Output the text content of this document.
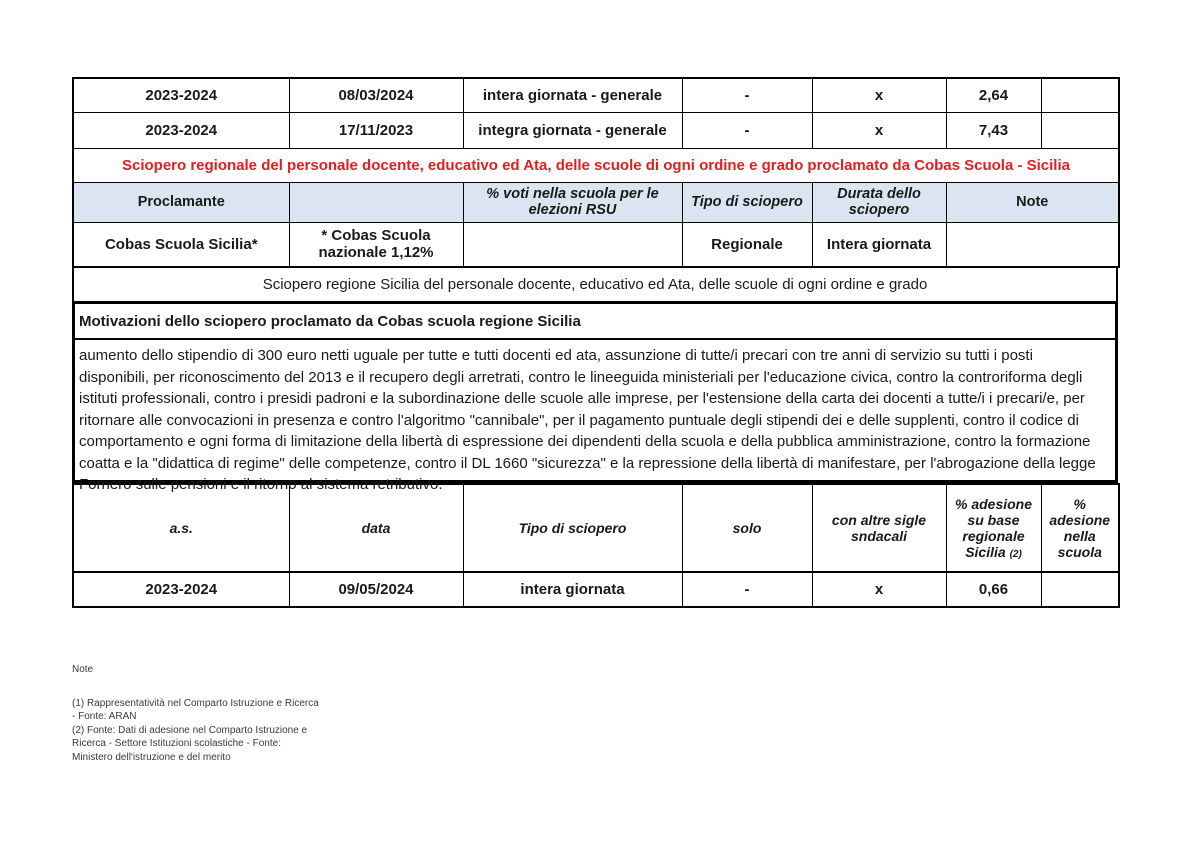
2023-2024	08/03/2024	intera giornata - generale	-	x	2,64	
2023-2024	17/11/2023	integra giornata - generale	-	x	7,43	
Sciopero regionale del personale docente, educativo ed Ata, delle scuole di ogni ordine e grado proclamato da Cobas Scuola - Sicilia						
Proclamante		% voti nella scuola per le elezioni RSU	Tipo di sciopero	Durata dello sciopero	Note	
Cobas Scuola Sicilia*	* Cobas Scuola nazionale 1,12%		Regionale	Intera giornata		
Sciopero regione Sicilia del personale docente, educativo ed Ata, delle scuole di ogni ordine e grado
Motivazioni dello sciopero proclamato da Cobas scuola regione Sicilia
aumento dello stipendio di 300 euro netti uguale per tutte e tutti docenti ed ata, assunzione di tutte/i precari con tre anni di servizio su tutti i posti disponibili, per riconoscimento del 2013 e il recupero degli arretrati, contro le lineeguida ministeriali per l'educazione civica, contro la controriforma degli istituti professionali, contro i presidi padroni e la subordinazione delle scuole alle imprese, per l'estensione della carta dei docenti a tutte/i i precari/e, per ritornare alle convocazioni in presenza e contro l'algoritmo "cannibale", per il pagamento puntuale degli stipendi dei e delle supplenti, contro il codice di comportamento e ogni forma di limitazione della libertà di espressione dei dipendenti della scuola e della pubblica amministrazione, contro la formazione coatta e la "didattica di regime" delle competenze, contro il DL 1660 "sicurezza" e la repressione della libertà di manifestare, per l'abrogazione della legge Fornero sulle pensioni e il ritorno al sistema retributivo.
a.s.	data	Tipo di sciopero	solo	con altre sigle sndacali	% adesione su base regionale Sicilia (2)	% adesione nella scuola
2023-2024	09/05/2024	intera giornata	-	x	0,66	
Note

(1) Rappresentatività nel Comparto Istruzione e Ricerca - Fonte: ARAN

(2) Fonte: Dati di adesione nel Comparto Istruzione e Ricerca - Settore Istituzioni scolastiche - Fonte: Ministero dell'istruzione e del merito
